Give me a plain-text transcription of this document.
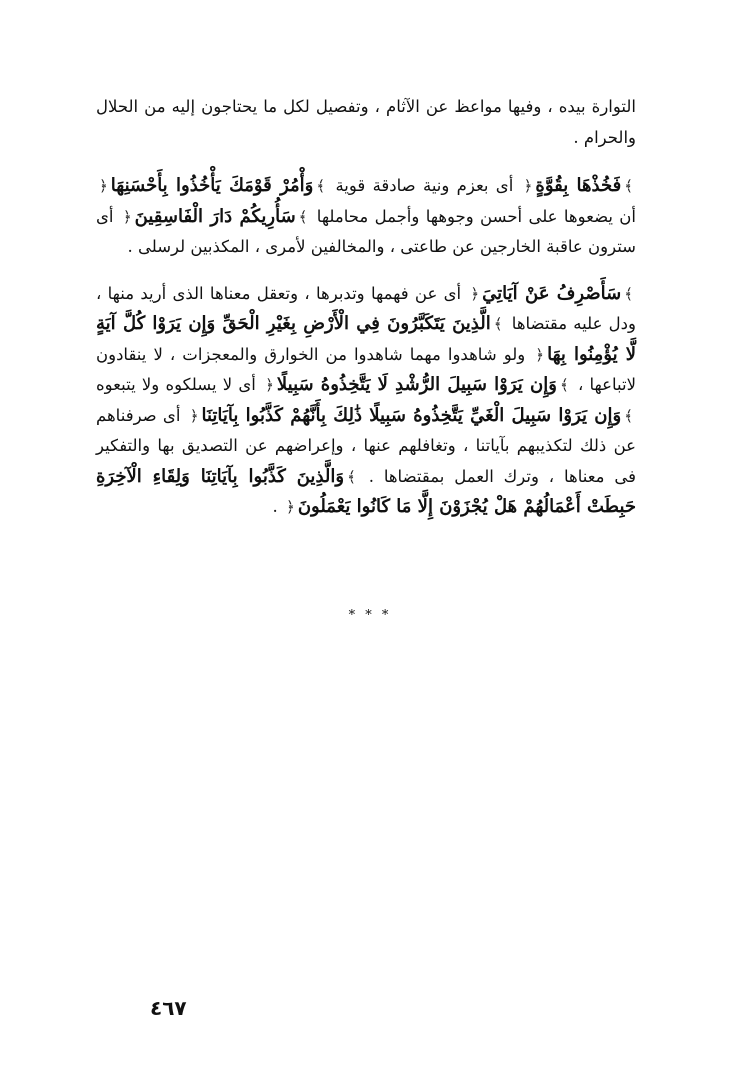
التوارة بيده ، وفيها مواعظ عن الآثام ، وتفصيل لكل ما يحتاجون إليه من الحلال والحرام .

﴾فَخُذْهَا بِقُوَّةٍ﴿ أى بعزم ونية صادقة قوية ﴾وَأْمُرْ قَوْمَكَ يَأْخُذُوا بِأَحْسَنِهَا﴿ أن يضعوها على أحسن وجوهها وأجمل محاملها ﴾سَأُرِيكُمْ دَارَ الْفَاسِقِينَ﴿ أى سترون عاقبة الخارجين عن طاعتى ، والمخالفين لأمرى ، المكذبين لرسلى .

﴾سَأَصْرِفُ عَنْ آيَاتِيَ﴿ أى عن فهمها وتدبرها ، وتعقل معناها الذى أريد منها ، ودل عليه مقتضاها ﴾الَّذِينَ يَتَكَبَّرُونَ فِي الْأَرْضِ بِغَيْرِ الْحَقِّ وَإِن يَرَوْا كُلَّ آيَةٍ لَّا يُؤْمِنُوا بِهَا﴿ ولو شاهدوا مهما شاهدوا من الخوارق والمعجزات ، لا ينقادون لاتباعها ، ﴾وَإِن يَرَوْا سَبِيلَ الرُّشْدِ لَا يَتَّخِذُوهُ سَبِيلًا﴿ أى لا يسلكوه ولا يتبعوه ﴾وَإِن يَرَوْا سَبِيلَ الْغَيِّ يَتَّخِذُوهُ سَبِيلًا ذَٰلِكَ بِأَنَّهُمْ كَذَّبُوا بِآيَاتِنَا﴿ أى صرفناهم عن ذلك لتكذيبهم بآياتنا ، وتغافلهم عنها ، وإعراضهم عن التصديق بها والتفكير فى معناها ، وترك العمل بمقتضاها . ﴾وَالَّذِينَ كَذَّبُوا بِآيَاتِنَا وَلِقَاءِ الْآخِرَةِ حَبِطَتْ أَعْمَالُهُمْ هَلْ يُجْزَوْنَ إِلَّا مَا كَانُوا يَعْمَلُونَ﴿ .

* * *
٤٦٧
